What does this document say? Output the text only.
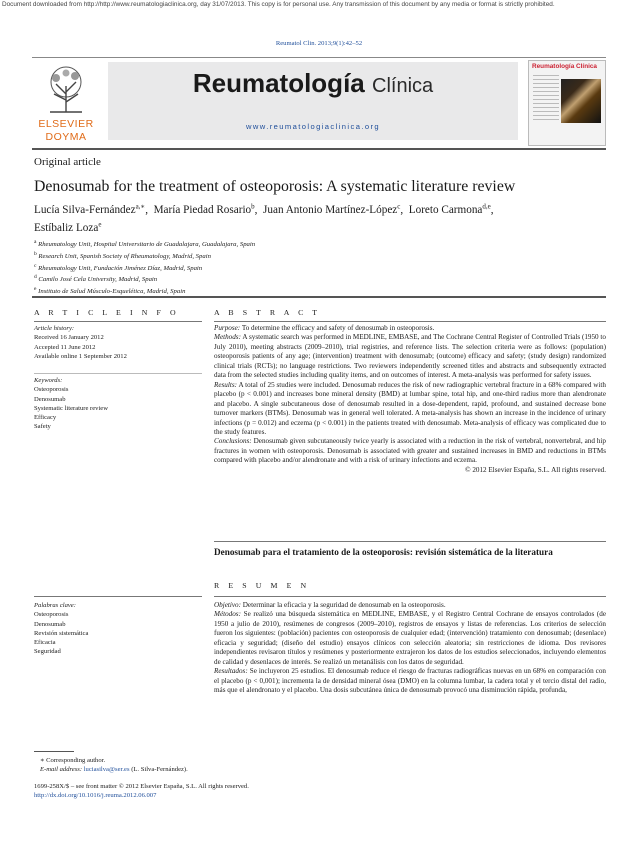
Document downloaded from http://http://www.reumatologiaclinica.org, day 31/07/2013. This copy is for personal use. Any transmission of this document by any media or format is strictly prohibited.
Reumatol Clin. 2013;9(1):42–52
ELSEVIER
DOYMA
Reumatología Clínica
www.reumatologiaclinica.org
Reumatología Clínica
Original article
Denosumab for the treatment of osteoporosis: A systematic literature review
Lucía Silva-Fernández$^{a,∗}$,  María Piedad Rosario$^b$,  Juan Antonio Martínez-López$^c$,  Loreto Carmona$^{d,e}$,
Estíbaliz Loza$^e$
$^a$ Rheumatology Unit, Hospital Universitario de Guadalajara, Guadalajara, Spain
$^b$ Research Unit, Spanish Society of Rheumatology, Madrid, Spain
$^c$ Rheumatology Unit, Fundación Jiménez Díaz, Madrid, Spain
$^d$ Camilo José Cela University, Madrid, Spain
$^e$ Instituto de Salud Músculo-Esquelética, Madrid, Spain
A R T I C L E I N F O	A B S T R A C T
Article history:
Received 16 January 2012
Accepted 11 June 2012
Available online 1 September 2012
Keywords:
Osteoporosis
Denosumab
Systematic literature review
Efficacy
Safety

Purpose: To determine the efficacy and safety of denosumab in osteoporosis.

Methods: A systematic search was performed in MEDLINE, EMBASE, and The Cochrane Central Register of Controlled Trials (1950 to July 2010), meeting abstracts (2009–2010), trial registries, and reference lists. The selection criteria were as follows: (population) osteoporosis patients of any age; (intervention) treatment with denosumab; (outcome) efficacy and safety; (study design) randomized clinical trials (RCTs); no language restrictions. Two reviewers independently screened titles and abstracts and subsequently extracted data from the selected studies including quality items, and on outcomes of interest. A meta-analysis was performed for safety issues.

Results: A total of 25 studies were included. Denosumab reduces the risk of new radiographic vertebral fracture in a 68% compared with placebo (p < 0.001) and increases bone mineral density (BMD) at lumbar spine, total hip, and one-third radius more than alendronate and placebo. A single subcutaneous dose of denosumab resulted in a dose-dependent, rapid, profound, and sustained decrease bone turnover markers (BTMs). Denosumab was in general well tolerated. A meta-analysis has shown an increase in the incidence of urinary infections (p = 0.012) and eczema (p < 0.001) in the patients treated with denosumab. Meta-analysis of efficacy was complicated due to the study features.

Conclusions: Denosumab given subcutaneously twice yearly is associated with a reduction in the risk of vertebral, nonvertebral, and hip fractures in women with osteoporosis. Denosumab is associated with greater and sustained increases in BMD and reductions in BTMs compared with placebo and/or alendronate and with a risk of urinary infections and eczema.

© 2012 Elsevier España, S.L. All rights reserved.

Denosumab para el tratamiento de la osteoporosis: revisión sistemática de la literatura
R E S U M E N
Palabras clave:
Osteoporosis
Denosumab
Revisión sistemática
Eficacia
Seguridad

Objetivo: Determinar la eficacia y la seguridad de denosumab en la osteoporosis.

Métodos: Se realizó una búsqueda sistemática en MEDLINE, EMBASE, y el Registro Central Cochrane de ensayos controlados (de 1950 a julio de 2010), resúmenes de congresos (2009–2010), registros de ensayos y listas de referencias. Los criterios de selección fueron los siguientes: (población) pacientes con osteoporosis de cualquier edad; (intervención) tratamiento con denosumab; (desenlace) eficacia y seguridad; (diseño del estudio) ensayos clínicos con selección aleatoria; sin restricciones de idioma. Dos revisores independientes revisaron títulos y resúmenes y posteriormente extrajeron los datos de los estudios seleccionados, incluyendo elementos de calidad y desenlaces de interés. Se realizó un metanálisis con los datos de seguridad.

Resultados: Se incluyeron 25 estudios. El denosumab reduce el riesgo de fracturas radiográficas nuevas en un 68% en comparación con el placebo (p < 0,001); incrementa la de densidad mineral ósea (DMO) en la columna lumbar, la cadera total y el tercio distal del radio, más que el alendronato y el placebo. Una dosis subcutánea única de denosumab provocó una disminución rápida, profunda,

∗ Corresponding author.
E-mail address: luciasilva@ser.es (L. Silva-Fernández).
1699-258X/$ – see front matter © 2012 Elsevier España, S.L. All rights reserved.
http://dx.doi.org/10.1016/j.reuma.2012.06.007
